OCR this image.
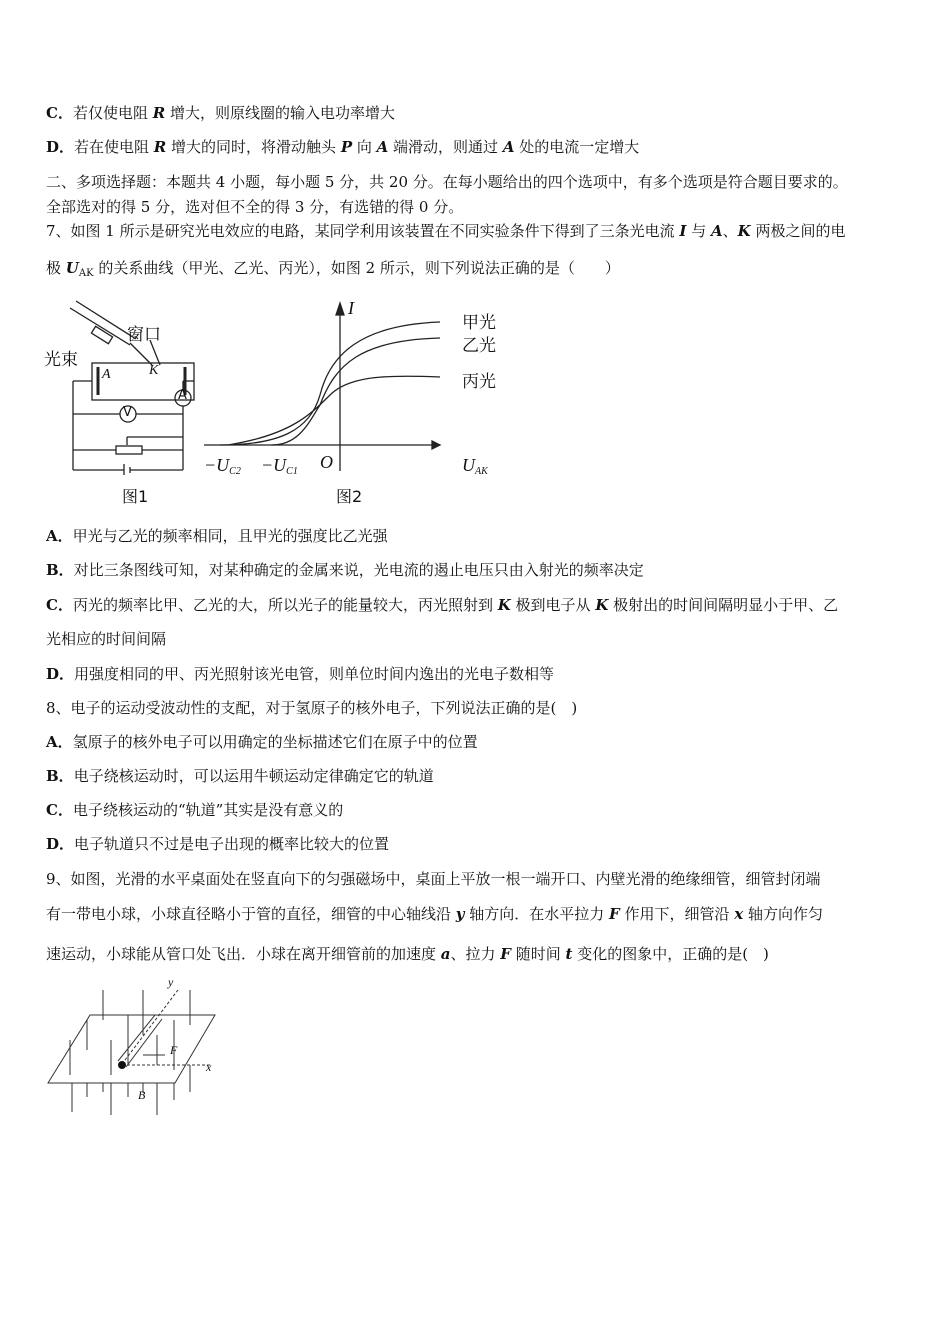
C．若仅使电阻 R 增大，则原线圈的输入电功率增大
D．若在使电阻 R 增大的同时，将滑动触头 P 向 A 端滑动，则通过 A 处的电流一定增大
二、多项选择题：本题共 4 小题，每小题 5 分，共 20 分。在每小题给出的四个选项中，有多个选项是符合题目要求的。
全部选对的得 5 分，选对但不全的得 3 分，有选错的得 0 分。
7、如图 1 所示是研究光电效应的电路，某同学利用该装置在不同实验条件下得到了三条光电流 I 与 A、K 两极之间的电
极 $U_{AK}$ 的关系曲线（甲光、乙光、丙光），如图 2 所示，则下列说法正确的是（　　）
A．甲光与乙光的频率相同，且甲光的强度比乙光强
B．对比三条图线可知，对某种确定的金属来说，光电流的遏止电压只由入射光的频率决定
C．丙光的频率比甲、乙光的大，所以光子的能量较大，丙光照射到 K 极到电子从 K 极射出的时间间隔明显小于甲、乙
光相应的时间间隔
D．用强度相同的甲、丙光照射该光电管，则单位时间内逸出的光电子数相等
8、电子的运动受波动性的支配，对于氢原子的核外电子，下列说法正确的是(　)
A．氢原子的核外电子可以用确定的坐标描述它们在原子中的位置
B．电子绕核运动时，可以运用牛顿运动定律确定它的轨道
C．电子绕核运动的“轨道”其实是没有意义的
D．电子轨道只不过是电子出现的概率比较大的位置
9、如图，光滑的水平桌面处在竖直向下的匀强磁场中，桌面上平放一根一端开口、内壁光滑的绝缘细管，细管封闭端
有一带电小球，小球直径略小于管的直径，细管的中心轴线沿 y 轴方向．在水平拉力 F 作用下，细管沿 x 轴方向作匀
速运动，小球能从管口处飞出．小球在离开细管前的加速度 a、拉力 F 随时间 t 变化的图象中，正确的是(　)
窗口
光束
A	K
A
V
图1
I
甲光
乙光
丙光
O
$-U_{C2} -U_{C1}$	$U_{AK}$
图2
y
x
F
B
